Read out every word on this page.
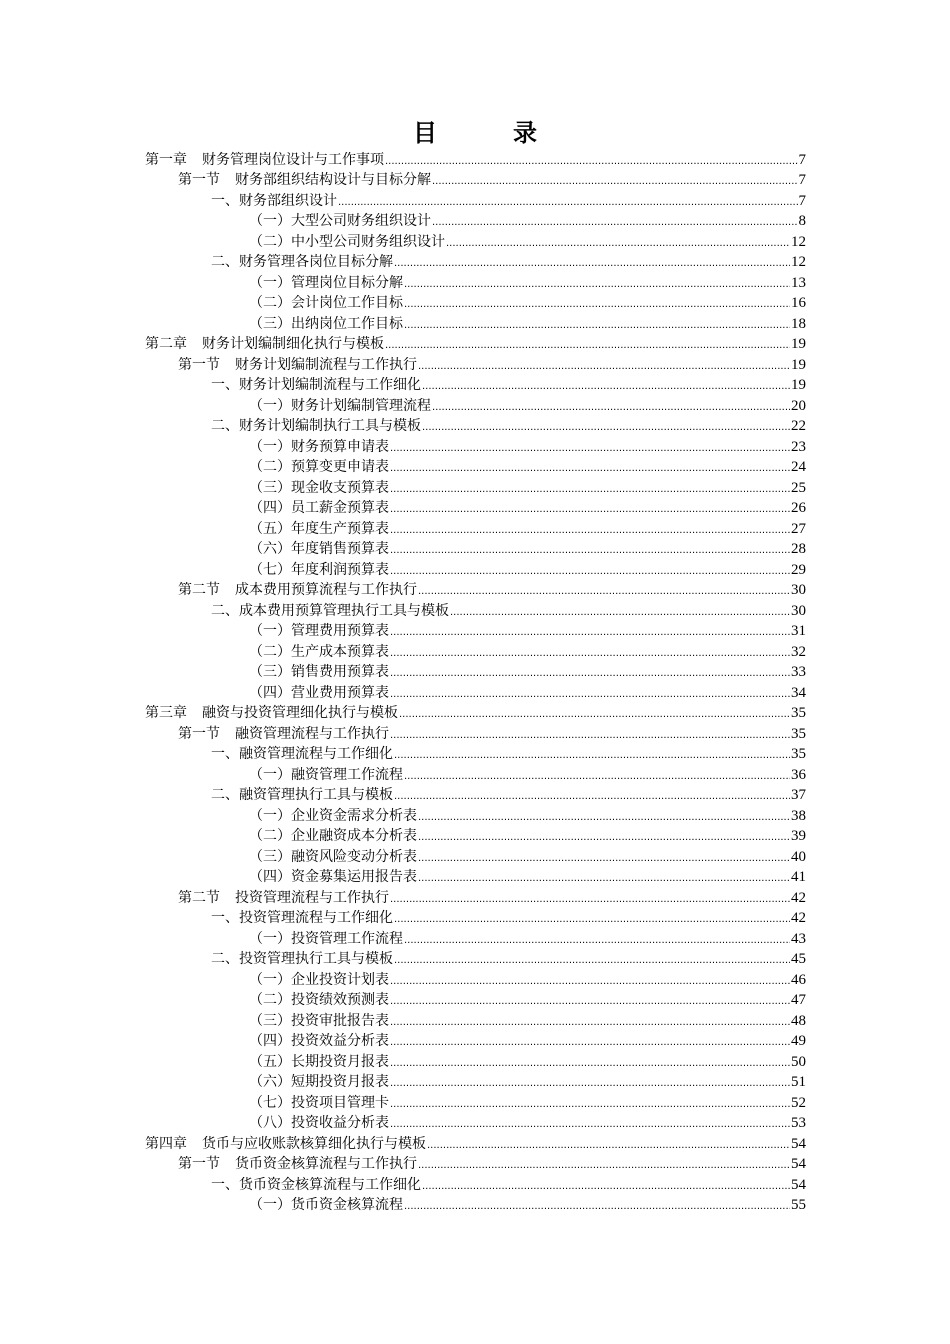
目　录
第一章 财务管理岗位设计与工作事项 .....	7
第一节 财务部组织结构设计与目标分解 .....	7
一、 财务部组织设计 .....	7
（一） 大型公司财务组织设计 .....	8
（二） 中小型公司财务组织设计 .....	12
二、 财务管理各岗位目标分解 .....	12
（一） 管理岗位目标分解 .....	13
（二） 会计岗位工作目标 .....	16
（三） 出纳岗位工作目标 .....	18
第二章 财务计划编制细化执行与模板 .....	19
第一节 财务计划编制流程与工作执行 .....	19
一、 财务计划编制流程与工作细化 .....	19
（一） 财务计划编制管理流程 .....	20
二、 财务计划编制执行工具与模板 .....	22
（一） 财务预算申请表 .....	23
（二） 预算变更申请表 .....	24
（三） 现金收支预算表 .....	25
（四） 员工薪金预算表 .....	26
（五） 年度生产预算表 .....	27
（六） 年度销售预算表 .....	28
（七） 年度利润预算表 .....	29
第二节 成本费用预算流程与工作执行 .....	30
二、 成本费用预算管理执行工具与模板 .....	30
（一） 管理费用预算表 .....	31
（二） 生产成本预算表 .....	32
（三） 销售费用预算表 .....	33
（四） 营业费用预算表 .....	34
第三章 融资与投资管理细化执行与模板 .....	35
第一节 融资管理流程与工作执行 .....	35
一、 融资管理流程与工作细化 .....	35
（一） 融资管理工作流程 .....	36
二、 融资管理执行工具与模板 .....	37
（一） 企业资金需求分析表 .....	38
（二） 企业融资成本分析表 .....	39
（三） 融资风险变动分析表 .....	40
（四） 资金募集运用报告表 .....	41
第二节 投资管理流程与工作执行 .....	42
一、 投资管理流程与工作细化 .....	42
（一） 投资管理工作流程 .....	43
二、 投资管理执行工具与模板 .....	45
（一） 企业投资计划表 .....	46
（二） 投资绩效预测表 .....	47
（三） 投资审批报告表 .....	48
（四） 投资效益分析表 .....	49
（五） 长期投资月报表 .....	50
（六） 短期投资月报表 .....	51
（七） 投资项目管理卡 .....	52
（八） 投资收益分析表 .....	53
第四章 货币与应收账款核算细化执行与模板 .....	54
第一节 货币资金核算流程与工作执行 .....	54
一、 货币资金核算流程与工作细化 .....	54
（一） 货币资金核算流程 .....	55
